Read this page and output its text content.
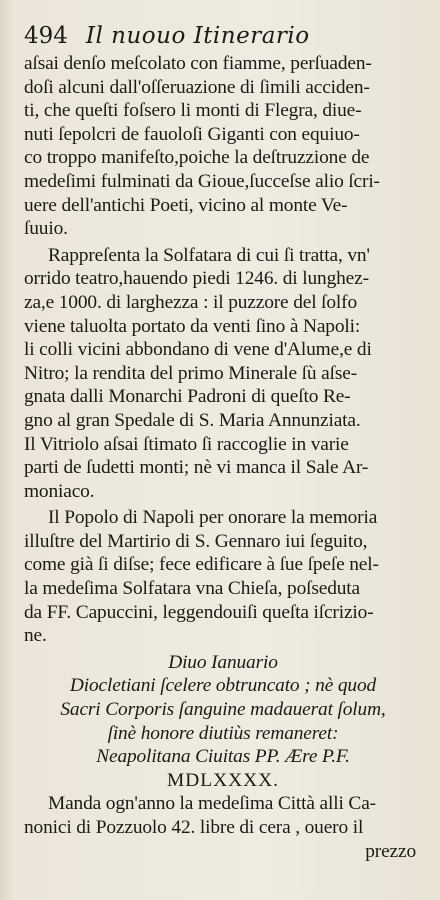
494 Il nuouo Itinerario
aſsai denſo meſcolato con fiamme, perſuaden-
doſi alcuni dall'oſſeruazione di ſimili acciden-
ti, che queſti foſsero li monti di Flegra, diue-
nuti ſepolcri de fauoloſi Giganti con equiuo-
co troppo manifeſto,poiche la deſtruzzione de
medeſimi fulminati da Gioue,ſucceſse alio ſcri-
uere dell'antichi Poeti, vicino al monte Ve-
ſuuio.
Rappreſenta la Solfatara di cui ſi tratta, vn'
orrido teatro,hauendo piedi 1246. di lunghez-
za,e 1000. di larghezza : il puzzore del ſolfo
viene taluolta portato da venti ſino à Napoli:
li colli vicini abbondano di vene d'Alume,e di
Nitro; la rendita del primo Minerale ſù aſse-
gnata dalli Monarchi Padroni di queſto Re-
gno al gran Spedale di S. Maria Annunziata.
Il Vitriolo aſsai ſtimato ſi raccoglie in varie
parti de ſudetti monti; nè vi manca il Sale Ar-
moniaco.
Il Popolo di Napoli per onorare la memoria
illuſtre del Martirio di S. Gennaro iui ſeguito,
come già ſi diſse; fece edificare à ſue ſpeſe nel-
la medeſima Solfatara vna Chieſa, poſseduta
da FF. Capuccini, leggendouiſi queſta iſcrizio-
ne.
Diuo Ianuario
Diocletiani ſcelere obtruncato ; nè quod
Sacri Corporis ſanguine madauerat ſolum,
ſinè honore diutiùs remaneret:
Neapolitana Ciuitas PP. Ære P.F.
MDLXXXX.
Manda ogn'anno la medeſima Città alli Ca-
nonici di Pozzuolo 42. libre di cera , ouero il
prezzo
